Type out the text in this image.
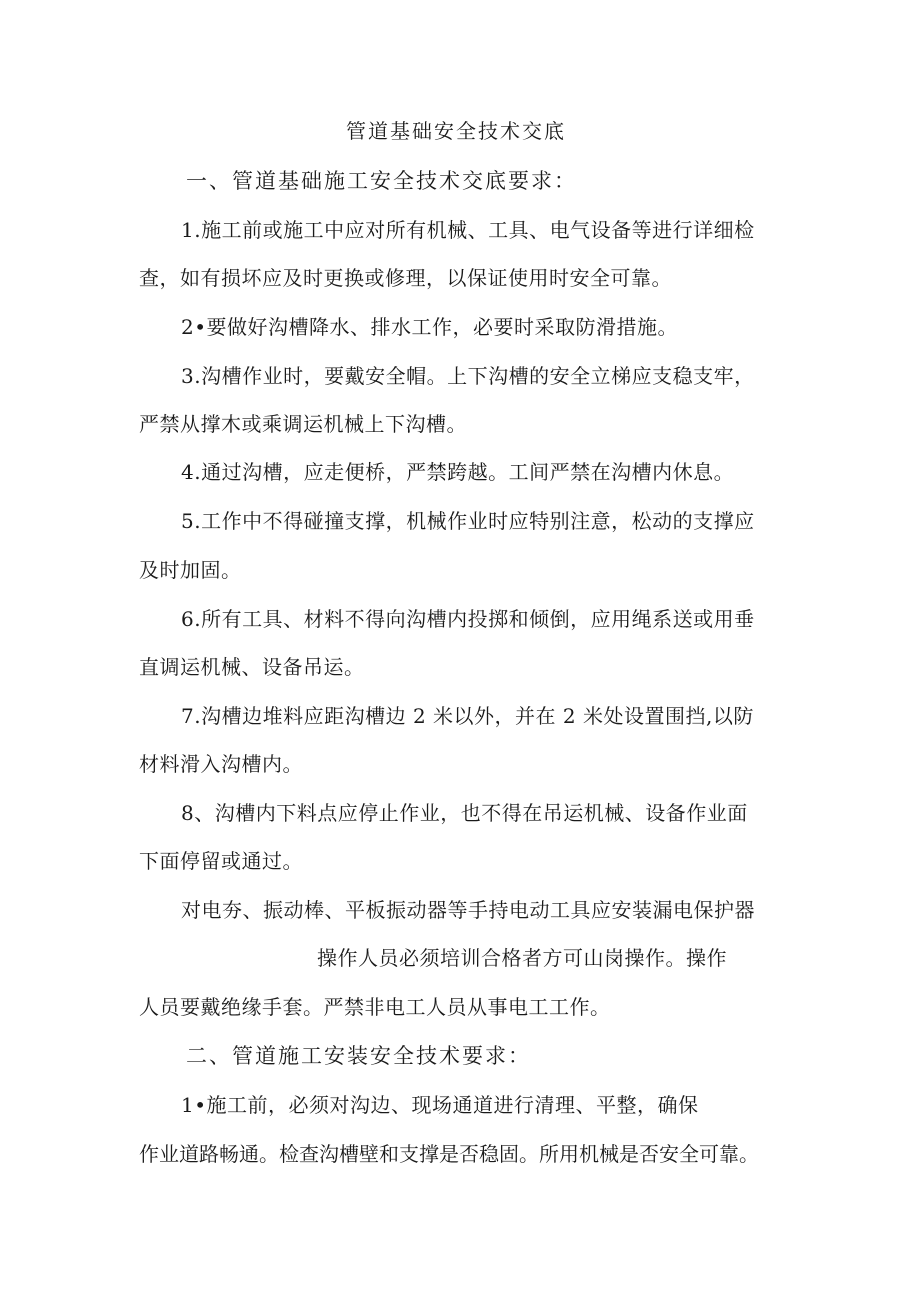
管道基础安全技术交底
一、管道基础施工安全技术交底要求：
1.施工前或施工中应对所有机械、工具、电气设备等进行详细检
查，如有损坏应及时更换或修理，以保证使用时安全可靠。
2•要做好沟槽降水、排水工作，必要时采取防滑措施。
3.沟槽作业时，要戴安全帽。上下沟槽的安全立梯应支稳支牢，
严禁从撑木或乘调运机械上下沟槽。
4.通过沟槽，应走便桥，严禁跨越。工间严禁在沟槽内休息。
5.工作中不得碰撞支撑，机械作业时应特别注意，松动的支撑应
及时加固。
6.所有工具、材料不得向沟槽内投掷和倾倒，应用绳系送或用垂
直调运机械、设备吊运。
7.沟槽边堆料应距沟槽边 2 米以外，并在 2 米处设置围挡,以防
材料滑入沟槽内。
8、沟槽内下料点应停止作业，也不得在吊运机械、设备作业面
下面停留或通过。
对电夯、振动棒、平板振动器等手持电动工具应安装漏电保护器
操作人员必须培训合格者方可山岗操作。操作
人员要戴绝缘手套。严禁非电工人员从事电工工作。
二、管道施工安装安全技术要求：
1•施工前，必须对沟边、现场通道进行清理、平整，确保
作业道路畅通。检查沟槽壁和支撑是否稳固。所用机械是否安全可靠。
